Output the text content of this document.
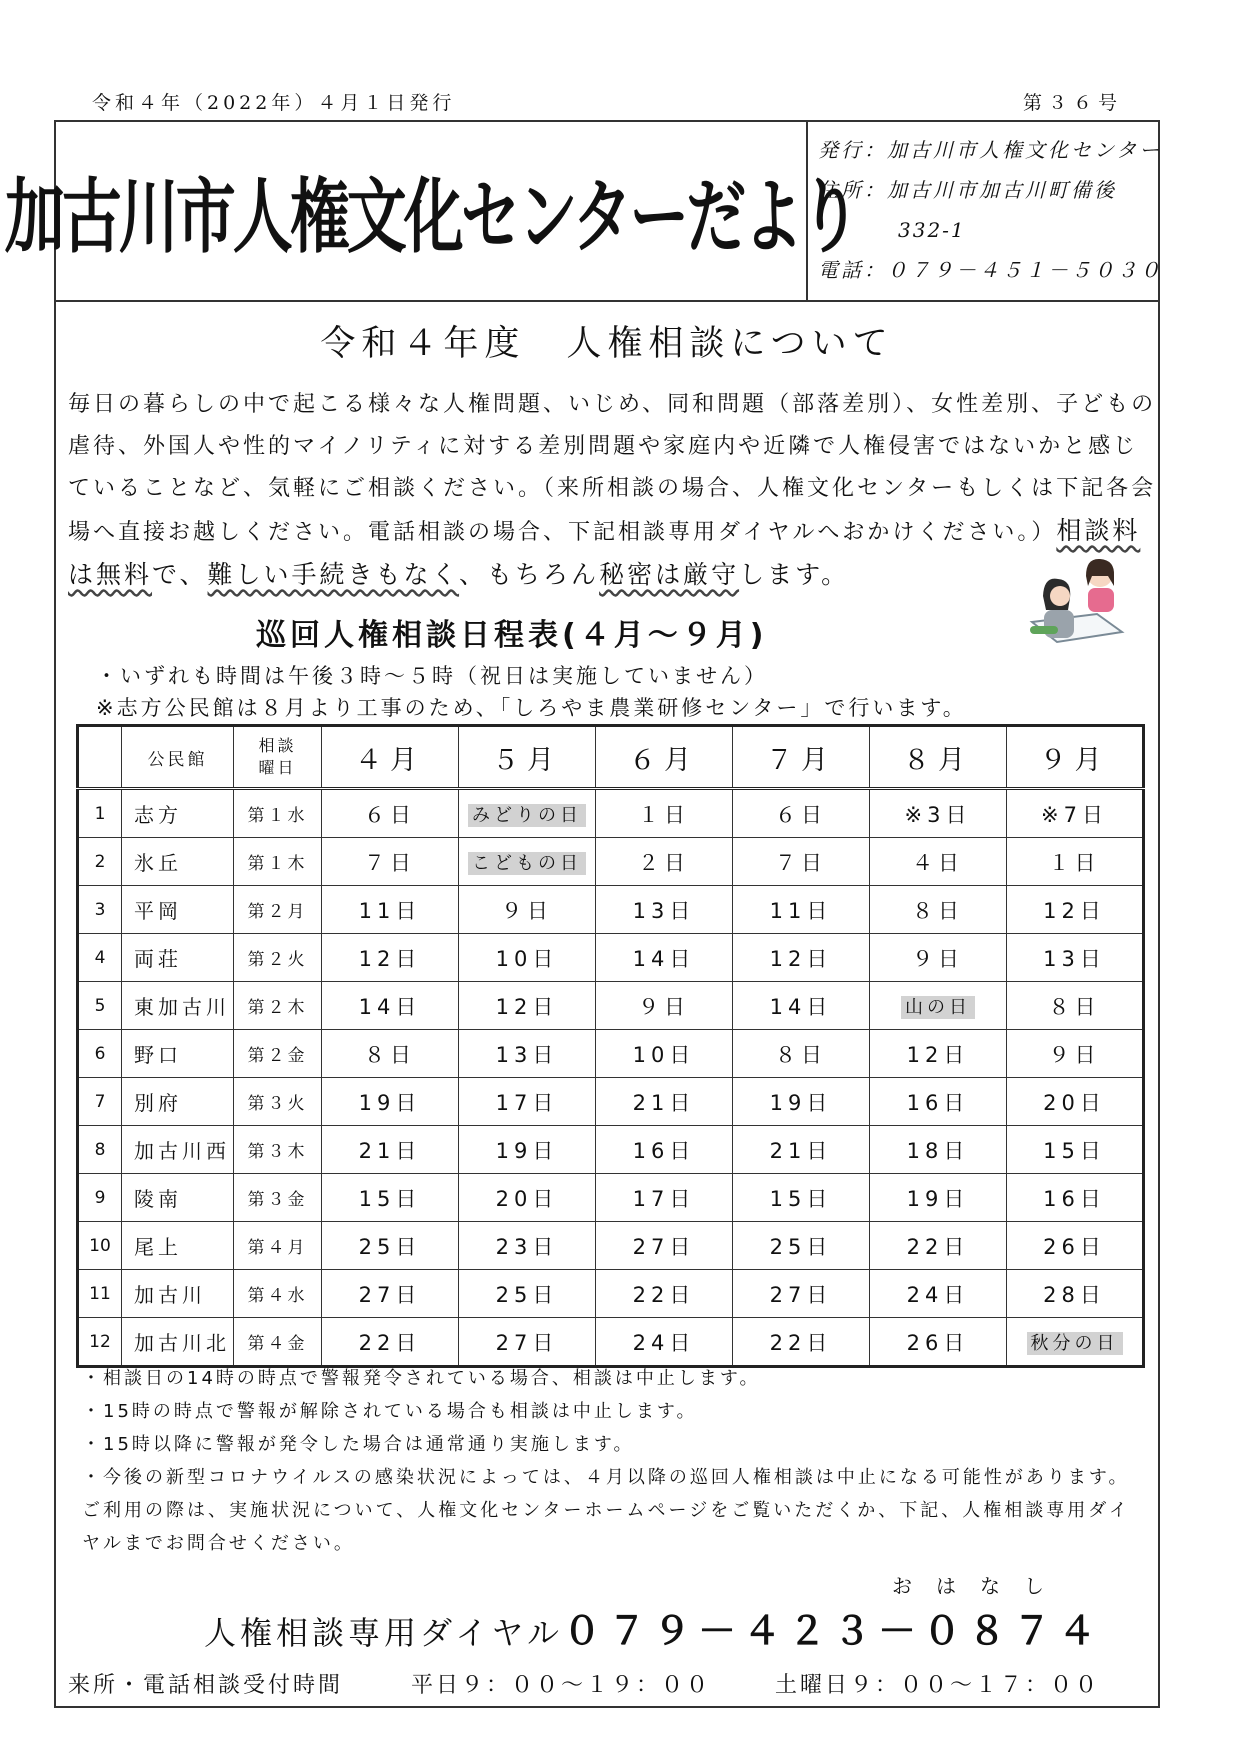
令和４年（2022年）４月１日発行	第３６号
加古川市人権文化センターだより
発行：加古川市人権文化センター
住所：加古川市加古川町備後
332-1
電話：０７９－４５１－５０３０
令和４年度　人権相談について
毎日の暮らしの中で起こる様々な人権問題、いじめ、同和問題（部落差別）、女性差別、子どもの虐待、外国人や性的マイノリティに対する差別問題や家庭内や近隣で人権侵害ではないかと感じていることなど、気軽にご相談ください。（来所相談の場合、人権文化センターもしくは下記各会場へ直接お越しください。電話相談の場合、下記相談専用ダイヤルへおかけください。）相談料は無料で、難しい手続きもなく、もちろん秘密は厳守します。
巡回人権相談日程表(４月～９月)
・いずれも時間は午後３時～５時（祝日は実施していません）
※志方公民館は８月より工事のため、「しろやま農業研修センター」で行います。
	公民館	相談
曜日	４月	５月	６月	７月	８月	９月
1	志方	第１水	６日	みどりの日	１日	６日	※3日	※7日
2	氷丘	第１木	７日	こどもの日	２日	７日	４日	１日
3	平岡	第２月	11日	９日	13日	11日	８日	12日
4	両荘	第２火	12日	10日	14日	12日	９日	13日
5	東加古川	第２木	14日	12日	９日	14日	山の日	８日
6	野口	第２金	８日	13日	10日	８日	12日	９日
7	別府	第３火	19日	17日	21日	19日	16日	20日
8	加古川西	第３木	21日	19日	16日	21日	18日	15日
9	陵南	第３金	15日	20日	17日	15日	19日	16日
10	尾上	第４月	25日	23日	27日	25日	22日	26日
11	加古川	第４水	27日	25日	22日	27日	24日	28日
12	加古川北	第４金	22日	27日	24日	22日	26日	秋分の日
・相談日の14時の時点で警報発令されている場合、相談は中止します。
・15時の時点で警報が解除されている場合も相談は中止します。
・15時以降に警報が発令した場合は通常通り実施します。
・今後の新型コロナウイルスの感染状況によっては、４月以降の巡回人権相談は中止になる可能性があります。ご利用の際は、実施状況について、人権文化センターホームページをご覧いただくか、下記、人権相談専用ダイヤルまでお問合せください。
おはなし
人権相談専用ダイヤル０７９－４２３－０８７４
来所・電話相談受付時間	平日９：００～１９：００	土曜日９：００～１７：００
